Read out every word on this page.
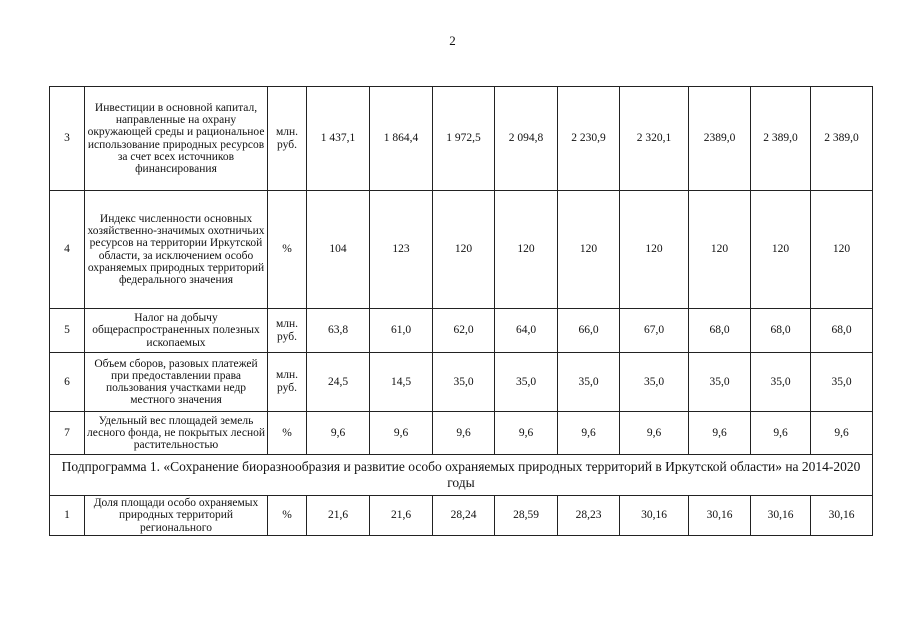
2
3	Инвестиции в основной капитал, направленные на охрану окружающей среды и рациональное использование природных ресурсов за счет всех источников финансирования	млн. руб.	1 437,1	1 864,4	1 972,5	2 094,8	2 230,9	2 320,1	2389,0	2 389,0	2 389,0
4	Индекс численности основных хозяйственно-значимых охотничьих ресурсов на территории Иркутской области, за исключением особо охраняемых природных территорий федерального значения	%	104	123	120	120	120	120	120	120	120
5	Налог на добычу общераспространенных полезных ископаемых	млн. руб.	63,8	61,0	62,0	64,0	66,0	67,0	68,0	68,0	68,0
6	Объем сборов, разовых платежей при предоставлении права пользования участками недр местного значения	млн. руб.	24,5	14,5	35,0	35,0	35,0	35,0	35,0	35,0	35,0
7	Удельный вес площадей земель лесного фонда, не покрытых лесной растительностью	%	9,6	9,6	9,6	9,6	9,6	9,6	9,6	9,6	9,6
Подпрограмма 1. «Сохранение биоразнообразия и развитие особо охраняемых природных территорий в Иркутской области» на 2014-2020 годы											
1	Доля площади особо охраняемых природных территорий регионального	%	21,6	21,6	28,24	28,59	28,23	30,16	30,16	30,16	30,16
